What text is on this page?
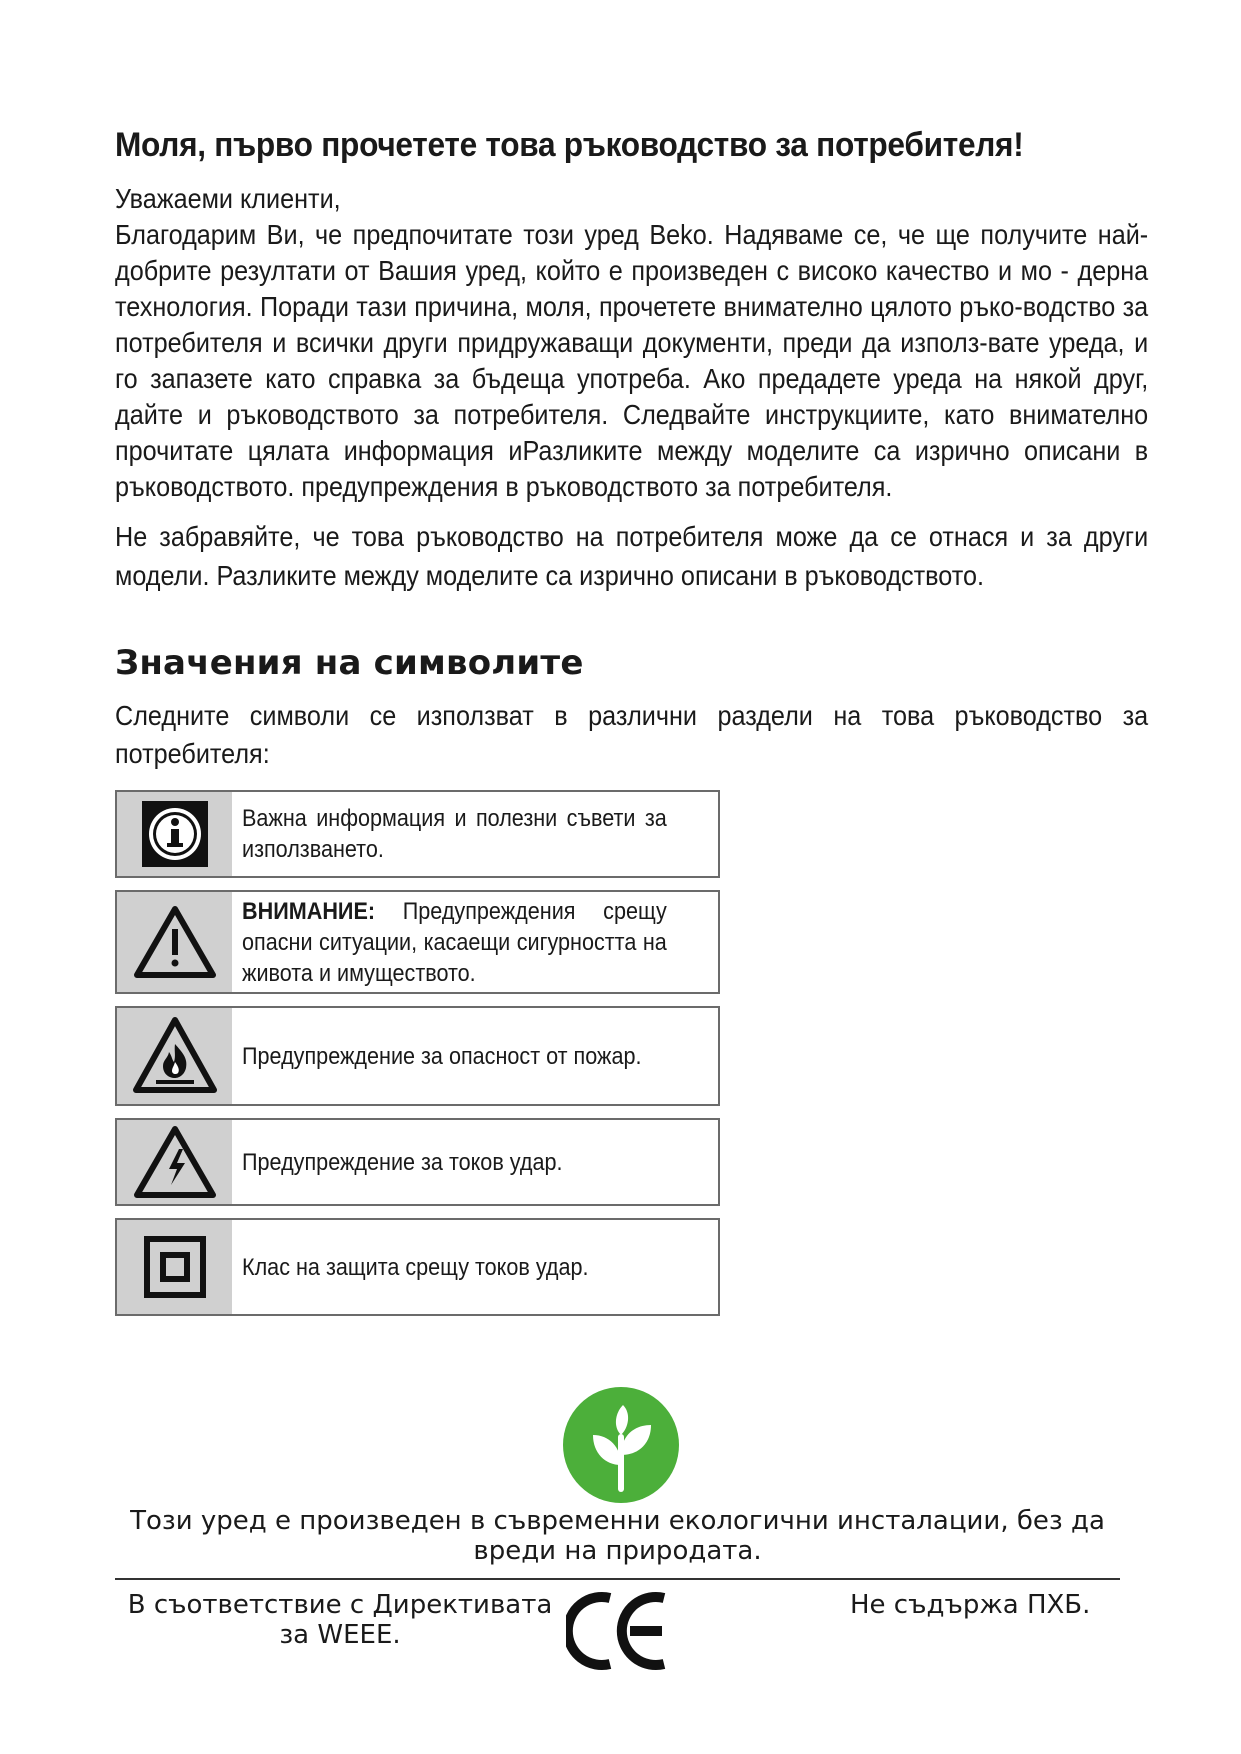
Моля, първо прочетете това ръководство за потребителя!
Уважаеми клиенти,
Благодарим Ви, че предпочитате този уред Beko. Надяваме се, че ще получите най-добрите резултати от Вашия уред, който е произведен с високо качество и мо - дерна технология. Поради тази причина, моля, прочетете внимателно цялото ръко-водство за потребителя и всички други придружаващи документи, преди да използ-вате уреда, и го запазете като справка за бъдеща употреба. Ако предадете уреда на някой друг, дайте и ръководството за потребителя. Следвайте инструкциите, като внимателно прочитате цялата информация иРазликите между моделите са изрично описани в ръководството. предупреждения в ръководството за потребителя.
Не забравяйте, че това ръководство на потребителя може да се отнася и за други модели. Разликите между моделите са изрично описани в ръководството.
Значения на символите
Следните символи се използват в различни раздели на това ръководство за потребителя:
Важна информация и полезни съвети за използването.
ВНИМАНИЕ: Предупреждения срещу опасни ситуации, касаещи сигурността на живота и имуществото.
Предупреждение за опасност от пожар.
Предупреждение за токов удар.
Клас на защита срещу токов удар.
Този уред е произведен в съвременни екологични инсталации, без да вреди на природата.
В съответствие с Директивата за WEEE.
Не съдържа ПХБ.
